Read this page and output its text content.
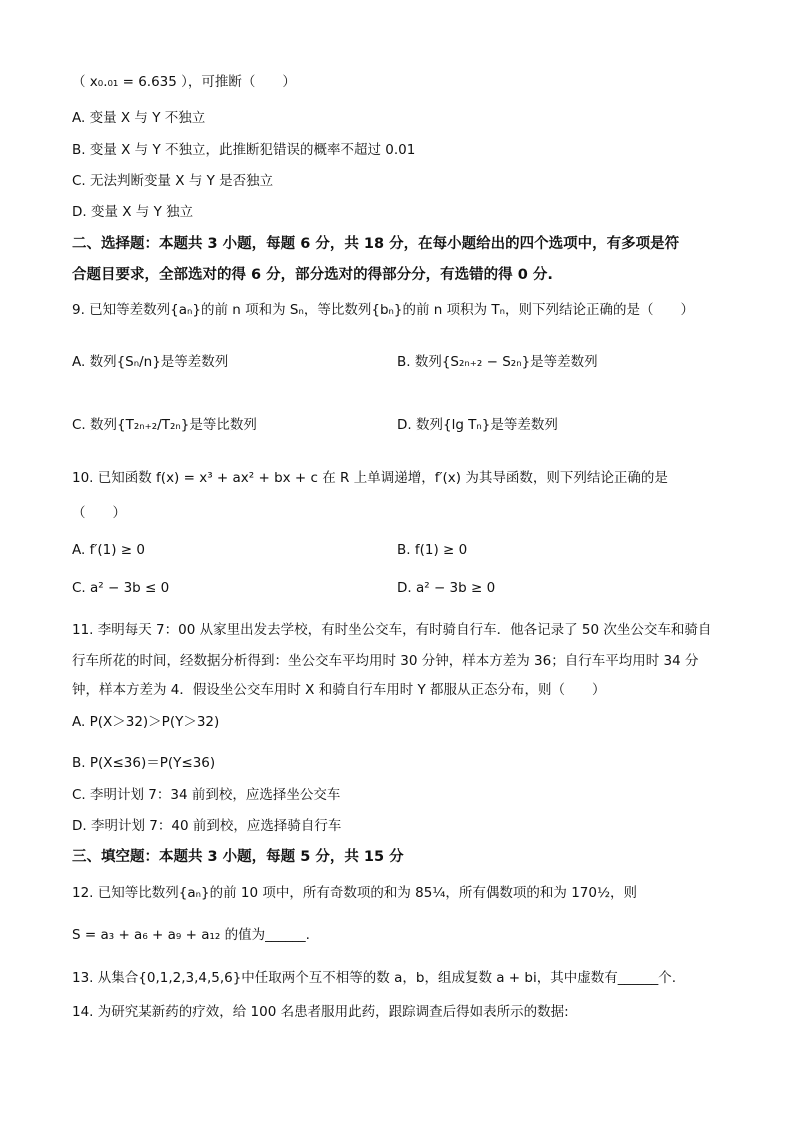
（ x₀.₀₁ = 6.635 ），可推断（　　）
A. 变量 X 与 Y 不独立
B. 变量 X 与 Y 不独立，此推断犯错误的概率不超过 0.01
C. 无法判断变量 X 与 Y 是否独立
D. 变量 X 与 Y 独立
二、选择题：本题共 3 小题，每题 6 分，共 18 分，在每小题给出的四个选项中，有多项是符
合题目要求，全部选对的得 6 分，部分选对的得部分分，有选错的得 0 分.
9. 已知等差数列{aₙ}的前 n 项和为 Sₙ，等比数列{bₙ}的前 n 项积为 Tₙ，则下列结论正确的是（　　）
A. 数列{Sₙ/n}是等差数列	B. 数列{S₂ₙ₊₂ − S₂ₙ}是等差数列
C. 数列{T₂ₙ₊₂/T₂ₙ}是等比数列	D. 数列{lg Tₙ}是等差数列
10. 已知函数 f(x) = x³ + ax² + bx + c 在 R 上单调递增，f′(x) 为其导函数，则下列结论正确的是
（　　）
A. f′(1) ≥ 0	B. f(1) ≥ 0
C. a² − 3b ≤ 0	D. a² − 3b ≥ 0
11. 李明每天 7：00 从家里出发去学校，有时坐公交车，有时骑自行车．他各记录了 50 次坐公交车和骑自
行车所花的时间，经数据分析得到：坐公交车平均用时 30 分钟，样本方差为 36；自行车平均用时 34 分
钟，样本方差为 4．假设坐公交车用时 X 和骑自行车用时 Y 都服从正态分布，则（　　）
A. P(X＞32)＞P(Y＞32)
B. P(X≤36)＝P(Y≤36)
C. 李明计划 7：34 前到校，应选择坐公交车
D. 李明计划 7：40 前到校，应选择骑自行车
三、填空题：本题共 3 小题，每题 5 分，共 15 分
12. 已知等比数列{aₙ}的前 10 项中，所有奇数项的和为 85¼，所有偶数项的和为 170½，则
S = a₃ + a₆ + a₉ + a₁₂ 的值为______.
13. 从集合{0,1,2,3,4,5,6}中任取两个互不相等的数 a，b，组成复数 a + bi，其中虚数有______个.
14. 为研究某新药的疗效，给 100 名患者服用此药，跟踪调查后得如表所示的数据:
